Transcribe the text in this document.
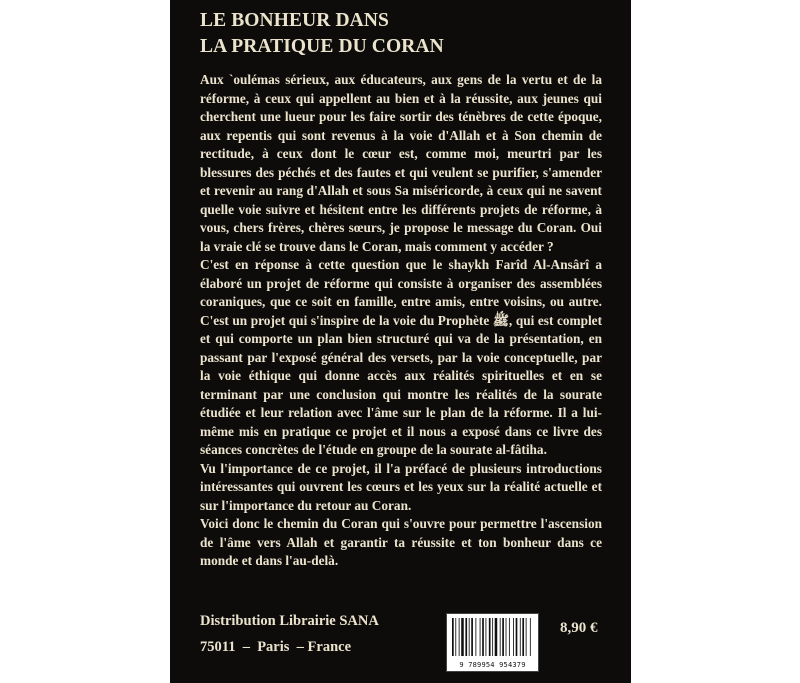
LE BONHEUR DANS
LA PRATIQUE DU CORAN

Aux `oulémas sérieux, aux éducateurs, aux gens de la vertu et de la réforme, à ceux qui appellent au bien et à la réussite, aux jeunes qui cherchent une lueur pour les faire sortir des ténèbres de cette époque, aux repentis qui sont revenus à la voie d'Allah et à Son chemin de rectitude, à ceux dont le cœur est, comme moi, meurtri par les blessures des péchés et des fautes et qui veulent se purifier, s'amender et revenir au rang d'Allah et sous Sa miséricorde, à ceux qui ne savent quelle voie suivre et hésitent entre les différents projets de réforme, à vous, chers frères, chères sœurs, je propose le message du Coran. Oui la vraie clé se trouve dans le Coran, mais comment y accéder ?

C'est en réponse à cette question que le shaykh Farîd Al-Ansârî a élaboré un projet de réforme qui consiste à organiser des assemblées coraniques, que ce soit en famille, entre amis, entre voisins, ou autre. C'est un projet qui s'inspire de la voie du Prophète ﷺ, qui est complet et qui comporte un plan bien structuré qui va de la présentation, en passant par l'exposé général des versets, par la voie conceptuelle, par la voie éthique qui donne accès aux réalités spirituelles et en se terminant par une conclusion qui montre les réalités de la sourate étudiée et leur relation avec l'âme sur le plan de la réforme. Il a lui-même mis en pratique ce projet et il nous a exposé dans ce livre des séances concrètes de l'étude en groupe de la sourate al-fâtiha.

Vu l'importance de ce projet, il l'a préfacé de plusieurs introductions intéressantes qui ouvrent les cœurs et les yeux sur la réalité actuelle et sur l'importance du retour au Coran.

Voici donc le chemin du Coran qui s'ouvre pour permettre l'ascension de l'âme vers Allah et garantir ta réussite et ton bonheur dans ce monde et dans l'au-delà.

Distribution Librairie SANA
75011  –  Paris  – France
9 789954 954379
8,90 €
